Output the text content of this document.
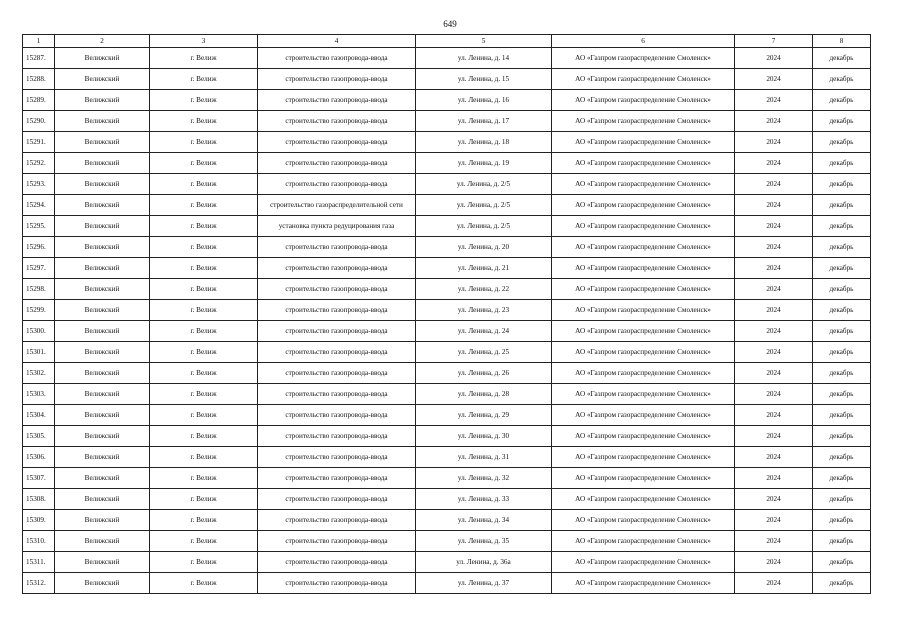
649
1	2	3	4	5	6	7	8
15287.	Велижский	г. Велиж	строительство газопровода-ввода	ул. Ленина, д. 14	АО «Газпром газораспределение Смоленск»	2024	декабрь
15288.	Велижский	г. Велиж	строительство газопровода-ввода	ул. Ленина, д. 15	АО «Газпром газораспределение Смоленск»	2024	декабрь
15289.	Велижский	г. Велиж	строительство газопровода-ввода	ул. Ленина, д. 16	АО «Газпром газораспределение Смоленск»	2024	декабрь
15290.	Велижский	г. Велиж	строительство газопровода-ввода	ул. Ленина, д. 17	АО «Газпром газораспределение Смоленск»	2024	декабрь
15291.	Велижский	г. Велиж	строительство газопровода-ввода	ул. Ленина, д. 18	АО «Газпром газораспределение Смоленск»	2024	декабрь
15292.	Велижский	г. Велиж	строительство газопровода-ввода	ул. Ленина, д. 19	АО «Газпром газораспределение Смоленск»	2024	декабрь
15293.	Велижский	г. Велиж	строительство газопровода-ввода	ул. Ленина, д. 2/5	АО «Газпром газораспределение Смоленск»	2024	декабрь
15294.	Велижский	г. Велиж	строительство газораспределительной сети	ул. Ленина, д. 2/5	АО «Газпром газораспределение Смоленск»	2024	декабрь
15295.	Велижский	г. Велиж	установка пункта редуцирования газа	ул. Ленина, д. 2/5	АО «Газпром газораспределение Смоленск»	2024	декабрь
15296.	Велижский	г. Велиж	строительство газопровода-ввода	ул. Ленина, д. 20	АО «Газпром газораспределение Смоленск»	2024	декабрь
15297.	Велижский	г. Велиж	строительство газопровода-ввода	ул. Ленина, д. 21	АО «Газпром газораспределение Смоленск»	2024	декабрь
15298.	Велижский	г. Велиж	строительство газопровода-ввода	ул. Ленина, д. 22	АО «Газпром газораспределение Смоленск»	2024	декабрь
15299.	Велижский	г. Велиж	строительство газопровода-ввода	ул. Ленина, д. 23	АО «Газпром газораспределение Смоленск»	2024	декабрь
15300.	Велижский	г. Велиж	строительство газопровода-ввода	ул. Ленина, д. 24	АО «Газпром газораспределение Смоленск»	2024	декабрь
15301.	Велижский	г. Велиж	строительство газопровода-ввода	ул. Ленина, д. 25	АО «Газпром газораспределение Смоленск»	2024	декабрь
15302.	Велижский	г. Велиж	строительство газопровода-ввода	ул. Ленина, д. 26	АО «Газпром газораспределение Смоленск»	2024	декабрь
15303.	Велижский	г. Велиж	строительство газопровода-ввода	ул. Ленина, д. 28	АО «Газпром газораспределение Смоленск»	2024	декабрь
15304.	Велижский	г. Велиж	строительство газопровода-ввода	ул. Ленина, д. 29	АО «Газпром газораспределение Смоленск»	2024	декабрь
15305.	Велижский	г. Велиж	строительство газопровода-ввода	ул. Ленина, д. 30	АО «Газпром газораспределение Смоленск»	2024	декабрь
15306.	Велижский	г. Велиж	строительство газопровода-ввода	ул. Ленина, д. 31	АО «Газпром газораспределение Смоленск»	2024	декабрь
15307.	Велижский	г. Велиж	строительство газопровода-ввода	ул. Ленина, д. 32	АО «Газпром газораспределение Смоленск»	2024	декабрь
15308.	Велижский	г. Велиж	строительство газопровода-ввода	ул. Ленина, д. 33	АО «Газпром газораспределение Смоленск»	2024	декабрь
15309.	Велижский	г. Велиж	строительство газопровода-ввода	ул. Ленина, д. 34	АО «Газпром газораспределение Смоленск»	2024	декабрь
15310.	Велижский	г. Велиж	строительство газопровода-ввода	ул. Ленина, д. 35	АО «Газпром газораспределение Смоленск»	2024	декабрь
15311.	Велижский	г. Велиж	строительство газопровода-ввода	ул. Ленина, д. 36а	АО «Газпром газораспределение Смоленск»	2024	декабрь
15312.	Велижский	г. Велиж	строительство газопровода-ввода	ул. Ленина, д. 37	АО «Газпром газораспределение Смоленск»	2024	декабрь
